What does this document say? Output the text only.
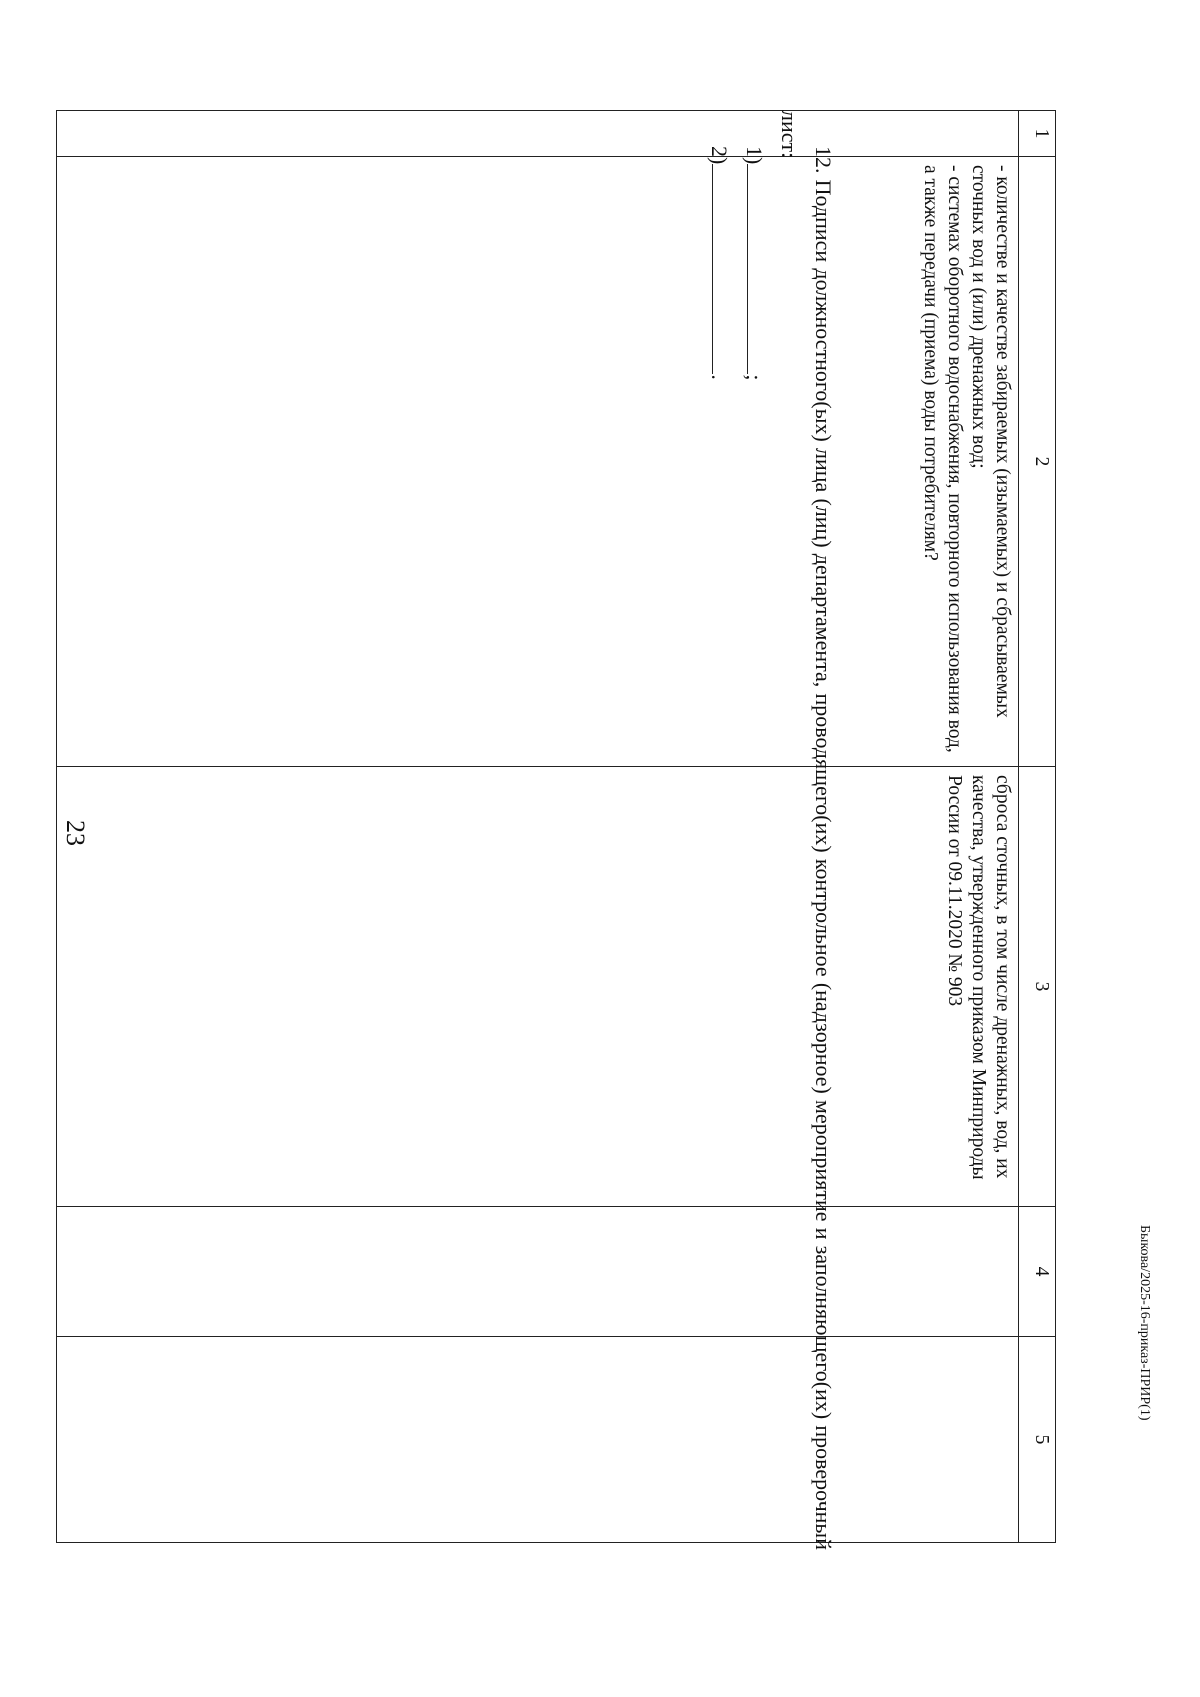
23
1	2	3	4	5

	- количестве и качестве забираемых (изымаемых) и сбрасываемых сточных вод и (или) дренажных вод;

- системах оборотного водоснабжения, повторного использования вод, а также передачи (приема) воды потребителям?	сброса сточных, в том числе дренажных, вод, их качества, утвержденного приказом Минприроды России от 09.11.2020 № 903		

12. Подписи должностного(ых) лица (лиц) департамента, проводящего(их) контрольное (надзорное) мероприятие и заполняющего(их) проверочный лист:
1);
2).
Быкова/2025-16-приказ-ПРИР(1)
